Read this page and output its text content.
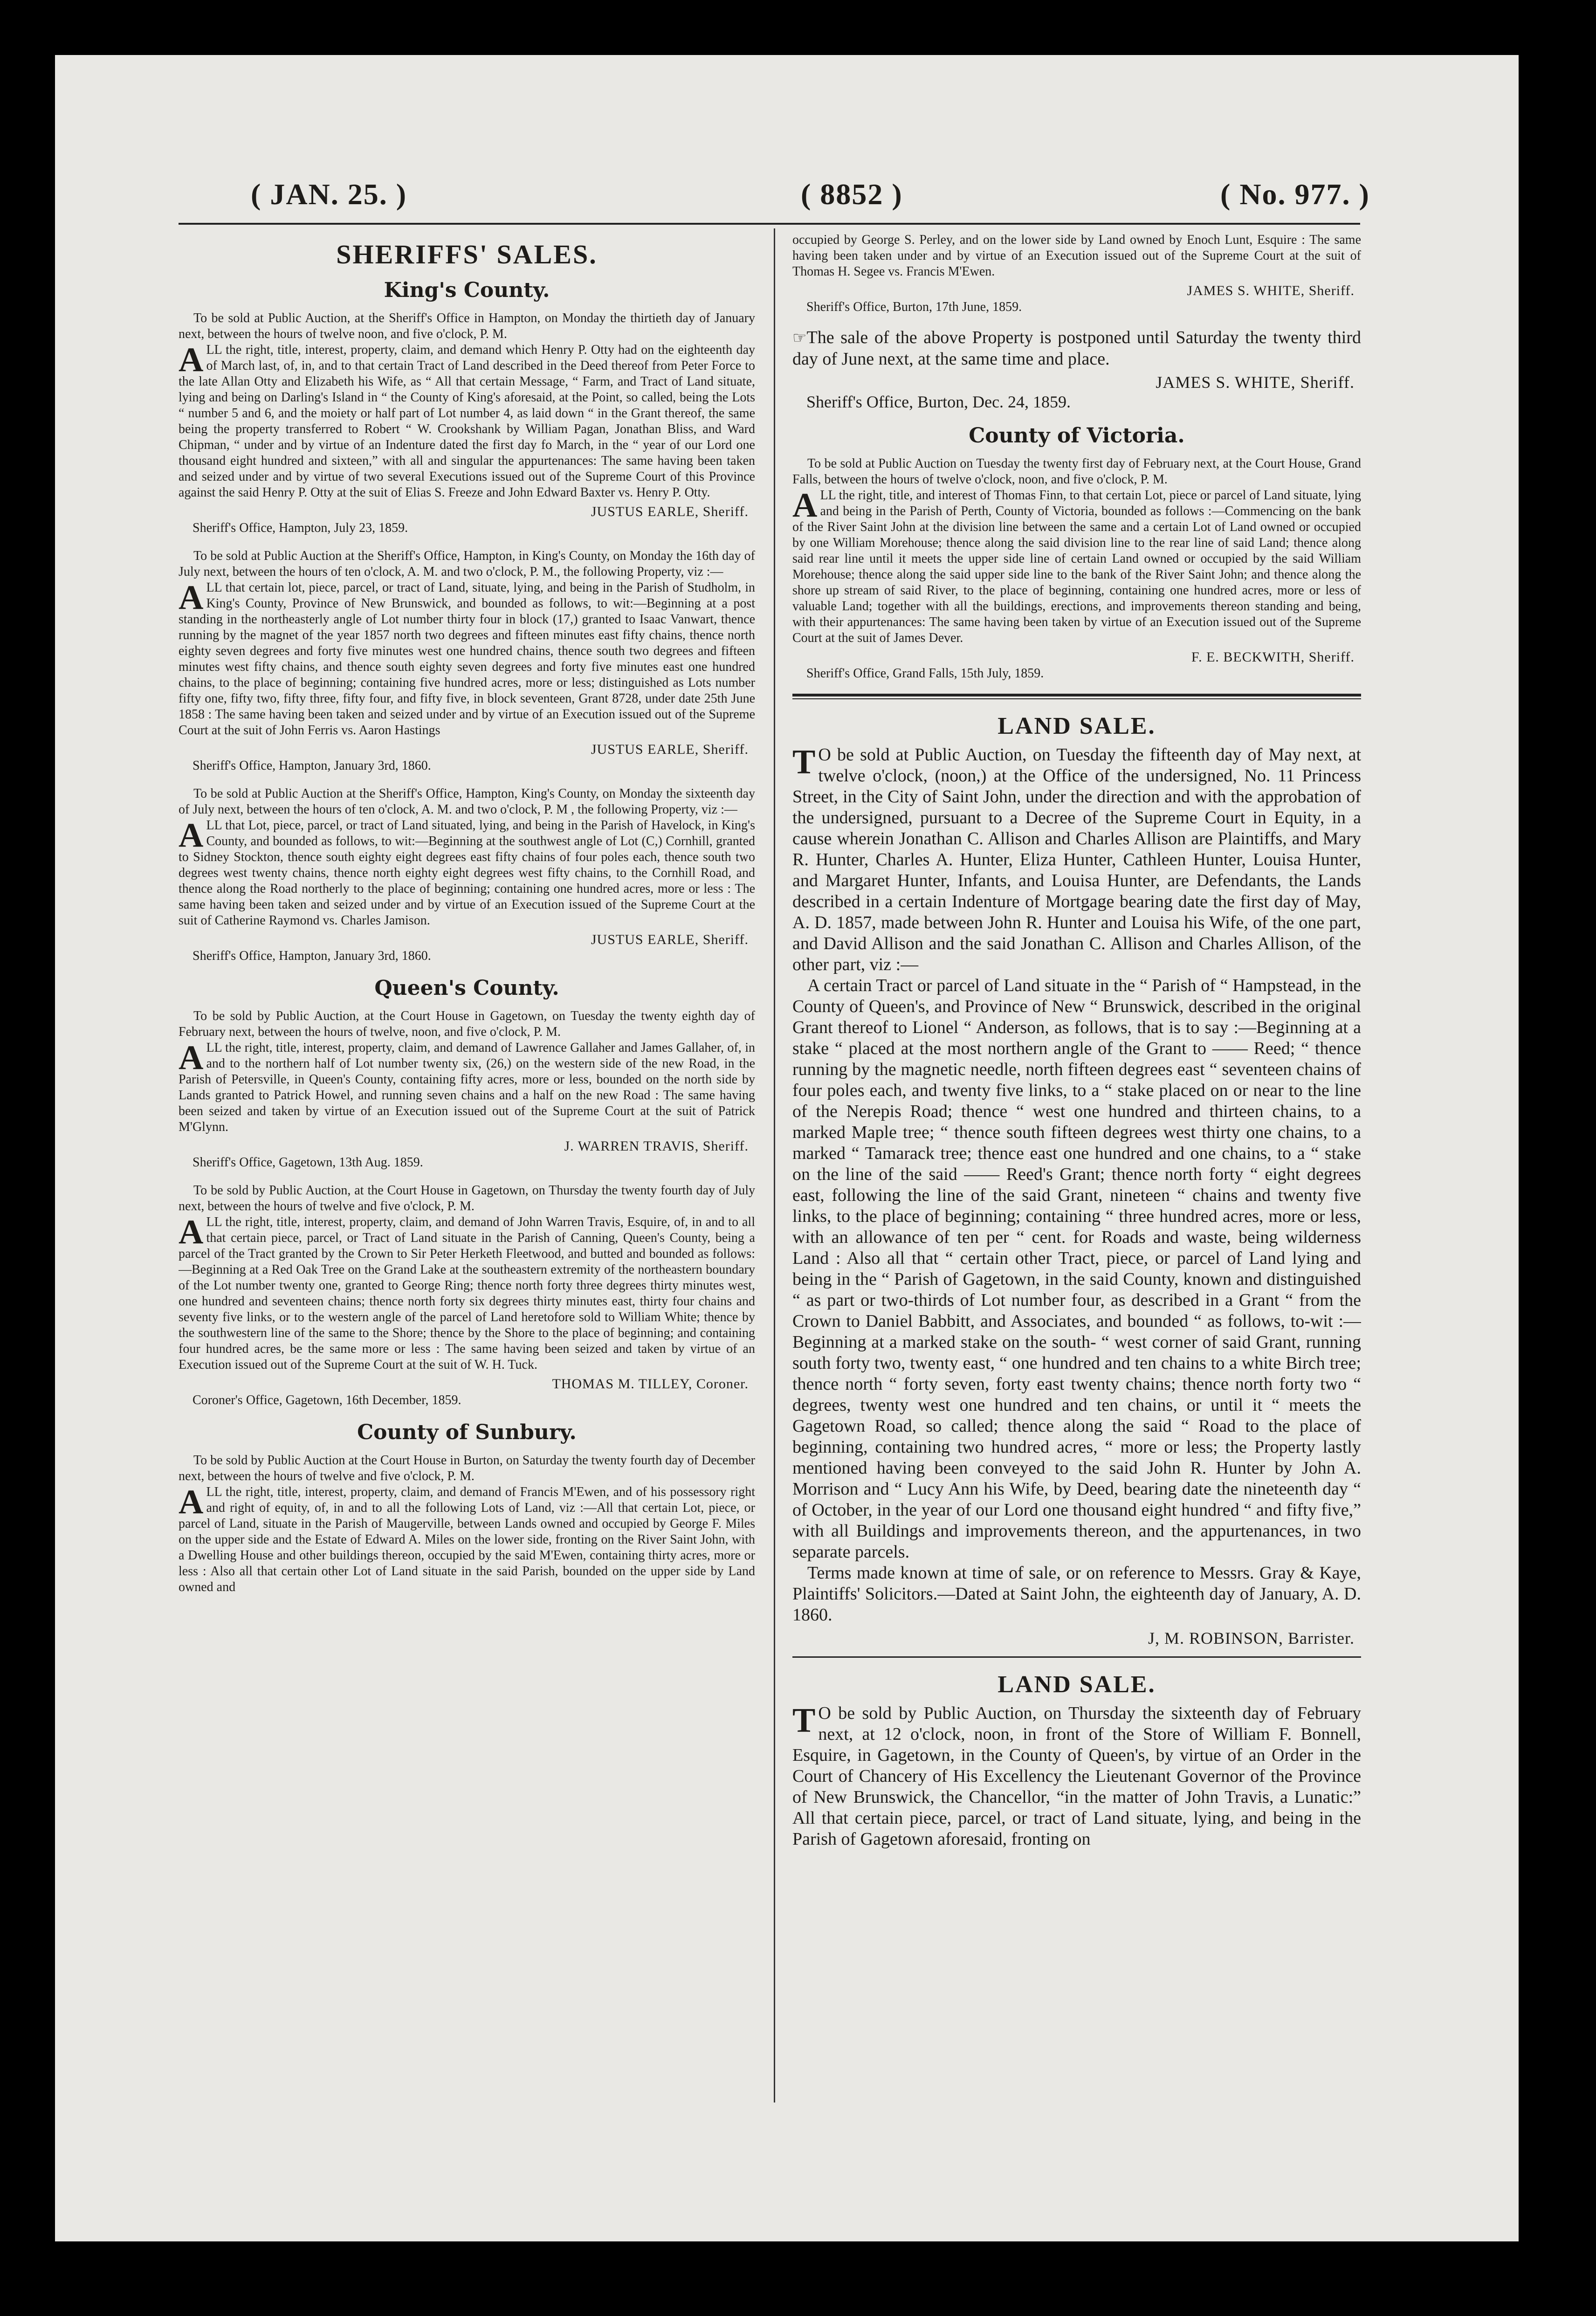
( JAN. 25. )	( 8852 )	( No. 977. )
SHERIFFS' SALES.
King's County.

To be sold at Public Auction, at the Sheriff's Office in Hampton, on Monday the thirtieth day of January next, between the hours of twelve noon, and five o'clock, P. M.

ALL the right, title, interest, property, claim, and demand which Henry P. Otty had on the eighteenth day of March last, of, in, and to that certain Tract of Land described in the Deed thereof from Peter Force to the late Allan Otty and Elizabeth his Wife, as “ All that certain Message, “ Farm, and Tract of Land situate, lying and being on Darling's Island in “ the County of King's aforesaid, at the Point, so called, being the Lots “ number 5 and 6, and the moiety or half part of Lot number 4, as laid down “ in the Grant thereof, the same being the property transferred to Robert “ W. Crookshank by William Pagan, Jonathan Bliss, and Ward Chipman, “ under and by virtue of an Indenture dated the first day fo March, in the “ year of our Lord one thousand eight hundred and sixteen,” with all and singular the appurtenances: The same having been taken and seized under and by virtue of two several Executions issued out of the Supreme Court of this Province against the said Henry P. Otty at the suit of Elias S. Freeze and John Edward Baxter vs. Henry P. Otty.

JUSTUS EARLE, Sheriff.
Sheriff's Office, Hampton, July 23, 1859.

To be sold at Public Auction at the Sheriff's Office, Hampton, in King's County, on Monday the 16th day of July next, between the hours of ten o'clock, A. M. and two o'clock, P. M., the following Property, viz :—

ALL that certain lot, piece, parcel, or tract of Land, situate, lying, and being in the Parish of Studholm, in King's County, Province of New Brunswick, and bounded as follows, to wit:—Beginning at a post standing in the northeasterly angle of Lot number thirty four in block (17,) granted to Isaac Vanwart, thence running by the magnet of the year 1857 north two degrees and fifteen minutes east fifty chains, thence north eighty seven degrees and forty five minutes west one hundred chains, thence south two degrees and fifteen minutes west fifty chains, and thence south eighty seven degrees and forty five minutes east one hundred chains, to the place of beginning; containing five hundred acres, more or less; distinguished as Lots number fifty one, fifty two, fifty three, fifty four, and fifty five, in block seventeen, Grant 8728, under date 25th June 1858 : The same having been taken and seized under and by virtue of an Execution issued out of the Supreme Court at the suit of John Ferris vs. Aaron Hastings

JUSTUS EARLE, Sheriff.
Sheriff's Office, Hampton, January 3rd, 1860.

To be sold at Public Auction at the Sheriff's Office, Hampton, King's County, on Monday the sixteenth day of July next, between the hours of ten o'clock, A. M. and two o'clock, P. M , the following Property, viz :—

ALL that Lot, piece, parcel, or tract of Land situated, lying, and being in the Parish of Havelock, in King's County, and bounded as follows, to wit:—Beginning at the southwest angle of Lot (C,) Cornhill, granted to Sidney Stockton, thence south eighty eight degrees east fifty chains of four poles each, thence south two degrees west twenty chains, thence north eighty eight degrees west fifty chains, to the Cornhill Road, and thence along the Road northerly to the place of beginning; containing one hundred acres, more or less : The same having been taken and seized under and by virtue of an Execution issued of the Supreme Court at the suit of Catherine Raymond vs. Charles Jamison.

JUSTUS EARLE, Sheriff.
Sheriff's Office, Hampton, January 3rd, 1860.
Queen's County.

To be sold by Public Auction, at the Court House in Gagetown, on Tuesday the twenty eighth day of February next, between the hours of twelve, noon, and five o'clock, P. M.

ALL the right, title, interest, property, claim, and demand of Lawrence Gallaher and James Gallaher, of, in and to the northern half of Lot number twenty six, (26,) on the western side of the new Road, in the Parish of Petersville, in Queen's County, containing fifty acres, more or less, bounded on the north side by Lands granted to Patrick Howel, and running seven chains and a half on the new Road : The same having been seized and taken by virtue of an Execution issued out of the Supreme Court at the suit of Patrick M'Glynn.

J. WARREN TRAVIS, Sheriff.
Sheriff's Office, Gagetown, 13th Aug. 1859.

To be sold by Public Auction, at the Court House in Gagetown, on Thursday the twenty fourth day of July next, between the hours of twelve and five o'clock, P. M.

ALL the right, title, interest, property, claim, and demand of John Warren Travis, Esquire, of, in and to all that certain piece, parcel, or Tract of Land situate in the Parish of Canning, Queen's County, being a parcel of the Tract granted by the Crown to Sir Peter Herketh Fleetwood, and butted and bounded as follows:—Beginning at a Red Oak Tree on the Grand Lake at the southeastern extremity of the northeastern boundary of the Lot number twenty one, granted to George Ring; thence north forty three degrees thirty minutes west, one hundred and seventeen chains; thence north forty six degrees thirty minutes east, thirty four chains and seventy five links, or to the western angle of the parcel of Land heretofore sold to William White; thence by the southwestern line of the same to the Shore; thence by the Shore to the place of beginning; and containing four hundred acres, be the same more or less : The same having been seized and taken by virtue of an Execution issued out of the Supreme Court at the suit of W. H. Tuck.

THOMAS M. TILLEY, Coroner.
Coroner's Office, Gagetown, 16th December, 1859.
County of Sunbury.

To be sold by Public Auction at the Court House in Burton, on Saturday the twenty fourth day of December next, between the hours of twelve and five o'clock, P. M.

ALL the right, title, interest, property, claim, and demand of Francis M'Ewen, and of his possessory right and right of equity, of, in and to all the following Lots of Land, viz :—All that certain Lot, piece, or parcel of Land, situate in the Parish of Maugerville, between Lands owned and occupied by George F. Miles on the upper side and the Estate of Edward A. Miles on the lower side, fronting on the River Saint John, with a Dwelling House and other buildings thereon, occupied by the said M'Ewen, containing thirty acres, more or less : Also all that certain other Lot of Land situate in the said Parish, bounded on the upper side by Land owned and

occupied by George S. Perley, and on the lower side by Land owned by Enoch Lunt, Esquire : The same having been taken under and by virtue of an Execution issued out of the Supreme Court at the suit of Thomas H. Segee vs. Francis M'Ewen.

JAMES S. WHITE, Sheriff.
Sheriff's Office, Burton, 17th June, 1859.

☞The sale of the above Property is postponed until Saturday the twenty third day of June next, at the same time and place.

JAMES S. WHITE, Sheriff.
Sheriff's Office, Burton, Dec. 24, 1859.
County of Victoria.

To be sold at Public Auction on Tuesday the twenty first day of February next, at the Court House, Grand Falls, between the hours of twelve o'clock, noon, and five o'clock, P. M.

ALL the right, title, and interest of Thomas Finn, to that certain Lot, piece or parcel of Land situate, lying and being in the Parish of Perth, County of Victoria, bounded as follows :—Commencing on the bank of the River Saint John at the division line between the same and a certain Lot of Land owned or occupied by one William Morehouse; thence along the said division line to the rear line of said Land; thence along said rear line until it meets the upper side line of certain Land owned or occupied by the said William Morehouse; thence along the said upper side line to the bank of the River Saint John; and thence along the shore up stream of said River, to the place of beginning, containing one hundred acres, more or less of valuable Land; together with all the buildings, erections, and improvements thereon standing and being, with their appurtenances: The same having been taken by virtue of an Execution issued out of the Supreme Court at the suit of James Dever.

F. E. BECKWITH, Sheriff.
Sheriff's Office, Grand Falls, 15th July, 1859.
LAND SALE.

T O be sold at Public Auction, on Tuesday the fifteenth day of May next, at twelve o'clock, (noon,) at the Office of the undersigned, No. 11 Princess Street, in the City of Saint John, under the direction and with the approbation of the undersigned, pursuant to a Decree of the Supreme Court in Equity, in a cause wherein Jonathan C. Allison and Charles Allison are Plaintiffs, and Mary R. Hunter, Charles A. Hunter, Eliza Hunter, Cathleen Hunter, Louisa Hunter, and Margaret Hunter, Infants, and Louisa Hunter, are Defendants, the Lands described in a certain Indenture of Mortgage bearing date the first day of May, A. D. 1857, made between John R. Hunter and Louisa his Wife, of the one part, and David Allison and the said Jonathan C. Allison and Charles Allison, of the other part, viz :—

A certain Tract or parcel of Land situate in the “ Parish of “ Hampstead, in the County of Queen's, and Province of New “ Brunswick, described in the original Grant thereof to Lionel “ Anderson, as follows, that is to say :—Beginning at a stake “ placed at the most northern angle of the Grant to —— Reed; “ thence running by the magnetic needle, north fifteen degrees east “ seventeen chains of four poles each, and twenty five links, to a “ stake placed on or near to the line of the Nerepis Road; thence “ west one hundred and thirteen chains, to a marked Maple tree; “ thence south fifteen degrees west thirty one chains, to a marked “ Tamarack tree; thence east one hundred and one chains, to a “ stake on the line of the said —— Reed's Grant; thence north forty “ eight degrees east, following the line of the said Grant, nineteen “ chains and twenty five links, to the place of beginning; containing “ three hundred acres, more or less, with an allowance of ten per “ cent. for Roads and waste, being wilderness Land : Also all that “ certain other Tract, piece, or parcel of Land lying and being in the “ Parish of Gagetown, in the said County, known and distinguished “ as part or two-thirds of Lot number four, as described in a Grant “ from the Crown to Daniel Babbitt, and Associates, and bounded “ as follows, to-wit :—Beginning at a marked stake on the south- “ west corner of said Grant, running south forty two, twenty east, “ one hundred and ten chains to a white Birch tree; thence north “ forty seven, forty east twenty chains; thence north forty two “ degrees, twenty west one hundred and ten chains, or until it “ meets the Gagetown Road, so called; thence along the said “ Road to the place of beginning, containing two hundred acres, “ more or less; the Property lastly mentioned having been conveyed to the said John R. Hunter by John A. Morrison and “ Lucy Ann his Wife, by Deed, bearing date the nineteenth day “ of October, in the year of our Lord one thousand eight hundred “ and fifty five,” with all Buildings and improvements thereon, and the appurtenances, in two separate parcels.

Terms made known at time of sale, or on reference to Messrs. Gray & Kaye, Plaintiffs' Solicitors.—Dated at Saint John, the eighteenth day of January, A. D. 1860.

J, M. ROBINSON, Barrister.
LAND SALE.

T O be sold by Public Auction, on Thursday the sixteenth day of February next, at 12 o'clock, noon, in front of the Store of William F. Bonnell, Esquire, in Gagetown, in the County of Queen's, by virtue of an Order in the Court of Chancery of His Excellency the Lieutenant Governor of the Province of New Brunswick, the Chancellor, “in the matter of John Travis, a Lunatic:” All that certain piece, parcel, or tract of Land situate, lying, and being in the Parish of Gagetown aforesaid, fronting on
